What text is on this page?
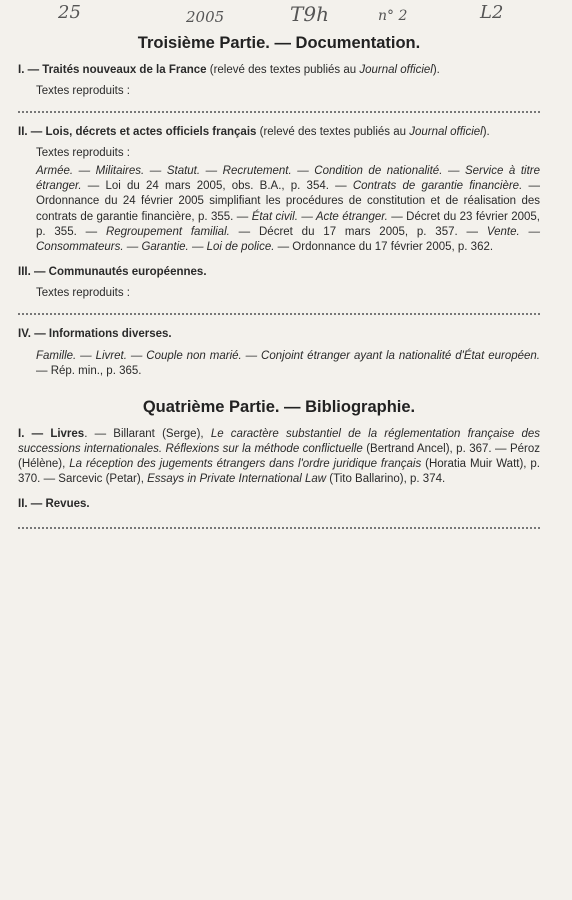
25	2005	T9h	n° 2	L2
Troisième Partie. — Documentation.
I. — Traités nouveaux de la France (relevé des textes publiés au Journal officiel).
Textes reproduits :
II. — Lois, décrets et actes officiels français (relevé des textes publiés au Journal officiel).
Textes reproduits :
Armée. — Militaires. — Statut. — Recrutement. — Condition de nationalité. — Service à titre étranger. — Loi du 24 mars 2005, obs. B.A., p. 354. — Contrats de garantie financière. — Ordonnance du 24 février 2005 simplifiant les procédures de constitution et de réalisation des contrats de garantie financière, p. 355. — État civil. — Acte étranger. — Décret du 23 février 2005, p. 355. — Regroupement familial. — Décret du 17 mars 2005, p. 357. — Vente. — Consommateurs. — Garantie. — Loi de police. — Ordonnance du 17 février 2005, p. 362.
III. — Communautés européennes.
Textes reproduits :
IV. — Informations diverses.
Famille. — Livret. — Couple non marié. — Conjoint étranger ayant la nationalité d'État européen. — Rép. min., p. 365.
Quatrième Partie. — Bibliographie.
I. — Livres. — Billarant (Serge), Le caractère substantiel de la réglementation française des successions internationales. Réflexions sur la méthode conflictuelle (Bertrand Ancel), p. 367. — Péroz (Hélène), La réception des jugements étrangers dans l'ordre juridique français (Horatia Muir Watt), p. 370. — Sarcevic (Petar), Essays in Private International Law (Tito Ballarino), p. 374.
II. — Revues.
